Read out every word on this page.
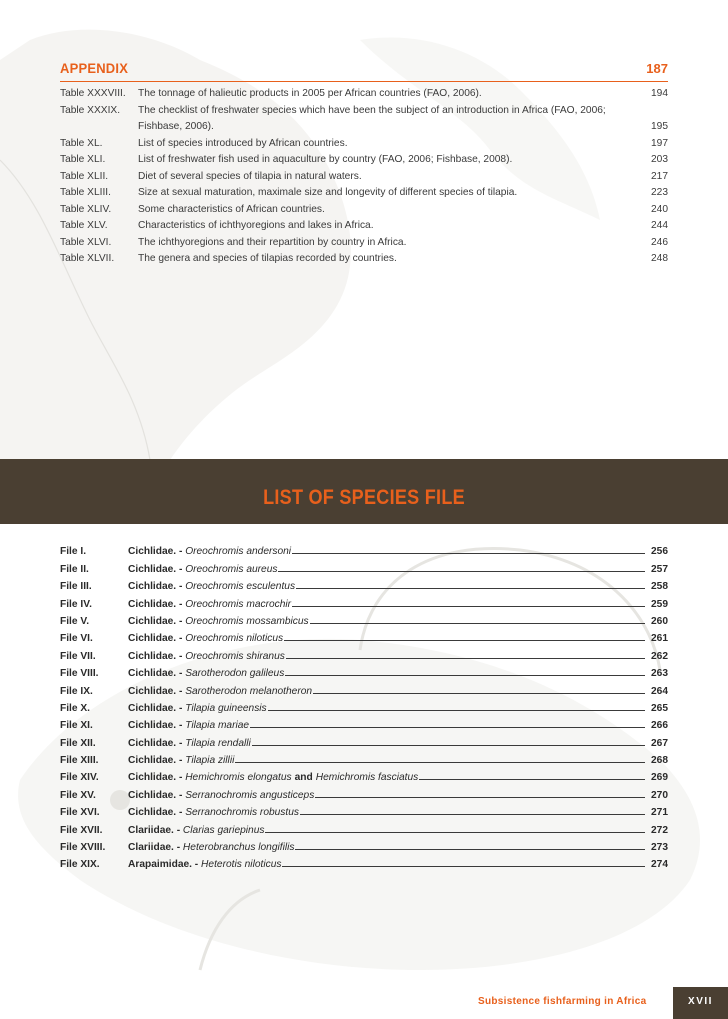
APPENDIX	187
Table XXXVIII. The tonnage of halieutic products in 2005 per African countries (FAO, 2006).	194
Table XXXIX. The checklist of freshwater species which have been the subject of an introduction in Africa (FAO, 2006; Fishbase, 2006).	195
Table XL.	List of species introduced by African countries.	197
Table XLI.	List of freshwater fish used in aquaculture by country (FAO, 2006; Fishbase, 2008).	203
Table XLII.	Diet of several species of tilapia in natural waters.	217
Table XLIII.	Size at sexual maturation, maximale size and longevity of different species of tilapia.	223
Table XLIV.	Some characteristics of African countries.	240
Table XLV.	Characteristics of ichthyoregions and lakes in Africa.	244
Table XLVI.	The ichthyoregions and their repartition by country in Africa.	246
Table XLVII. The genera and species of tilapias recorded by countries.	248
LIST OF SPECIES FILE
File I.	Cichlidae. - Oreochromis andersoni	256
File II.	Cichlidae. - Oreochromis aureus	257
File III.	Cichlidae. - Oreochromis esculentus	258
File IV.	Cichlidae. - Oreochromis macrochir	259
File V.	Cichlidae. - Oreochromis mossambicus	260
File VI.	Cichlidae. - Oreochromis niloticus	261
File VII.	Cichlidae. - Oreochromis shiranus	262
File VIII.	Cichlidae. - Sarotherodon galileus	263
File IX.	Cichlidae. - Sarotherodon melanotheron	264
File X.	Cichlidae. - Tilapia guineensis	265
File XI.	Cichlidae. - Tilapia mariae	266
File XII.	Cichlidae. - Tilapia rendalli	267
File XIII.	Cichlidae. - Tilapia zillii	268
File XIV.	Cichlidae. - Hemichromis elongatus and Hemichromis fasciatus	269
File XV.	Cichlidae. - Serranochromis angusticeps	270
File XVI.	Cichlidae. - Serranochromis robustus	271
File XVII.	Clariidae. - Clarias gariepinus	272
File XVIII.	Clariidae. - Heterobranchus longifilis	273
File XIX.	Arapaimidae. - Heterotis niloticus	274
Subsistence fishfarming in Africa	XVII
